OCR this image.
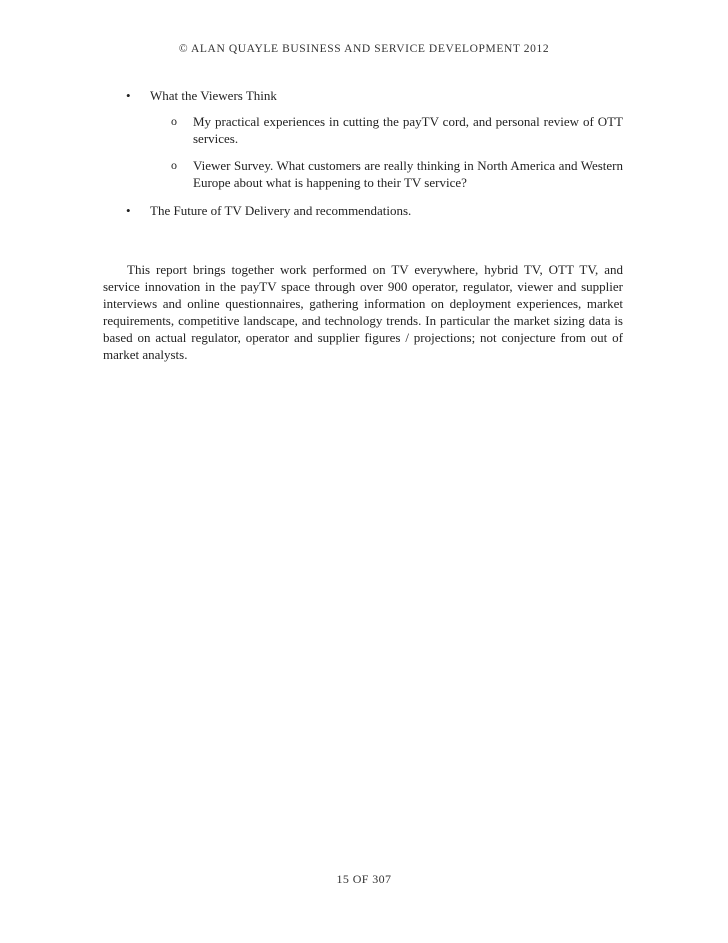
© ALAN QUAYLE BUSINESS AND SERVICE DEVELOPMENT 2012
• What the Viewers Think
o My practical experiences in cutting the payTV cord, and personal review of OTT
services.
o Viewer Survey. What customers are really thinking in North America and Western
Europe about what is happening to their TV service?
• The Future of TV Delivery and recommendations.
This report brings together work performed on TV everywhere, hybrid TV, OTT TV, and
service innovation in the payTV space through over 900 operator, regulator, viewer and supplier
interviews and online questionnaires, gathering information on deployment experiences, market
requirements, competitive landscape, and technology trends. In particular the market sizing data is
based on actual regulator, operator and supplier figures / projections; not conjecture from out of
market analysts.
15 OF 307
